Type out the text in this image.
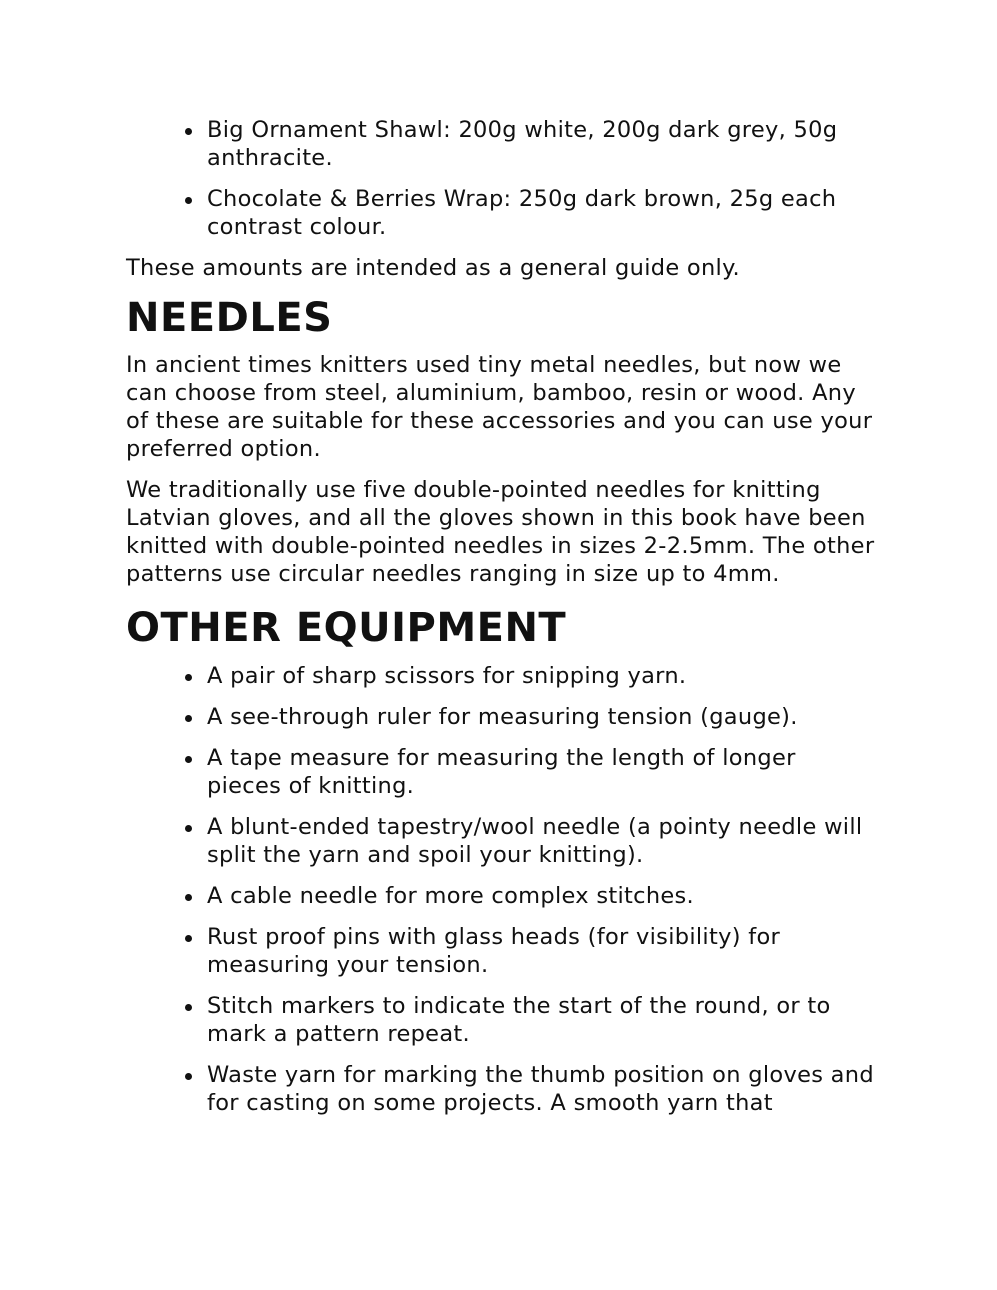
Big Ornament Shawl: 200g white, 200g dark grey, 50g anthracite.
Chocolate & Berries Wrap: 250g dark brown, 25g each contrast colour.

These amounts are intended as a general guide only.

NEEDLES

In ancient times knitters used tiny metal needles, but now we can choose from steel, aluminium, bamboo, resin or wood. Any of these are suitable for these accessories and you can use your preferred option.

We traditionally use five double-pointed needles for knitting Latvian gloves, and all the gloves shown in this book have been knitted with double-pointed needles in sizes 2-2.5mm. The other patterns use circular needles ranging in size up to 4mm.

OTHER EQUIPMENT
A pair of sharp scissors for snipping yarn.
A see-through ruler for measuring tension (gauge).
A tape measure for measuring the length of longer pieces of knitting.
A blunt-ended tapestry/wool needle (a pointy needle will split the yarn and spoil your knitting).
A cable needle for more complex stitches.
Rust proof pins with glass heads (for visibility) for measuring your tension.
Stitch markers to indicate the start of the round, or to mark a pattern repeat.
Waste yarn for marking the thumb position on gloves and for casting on some projects. A smooth yarn that
